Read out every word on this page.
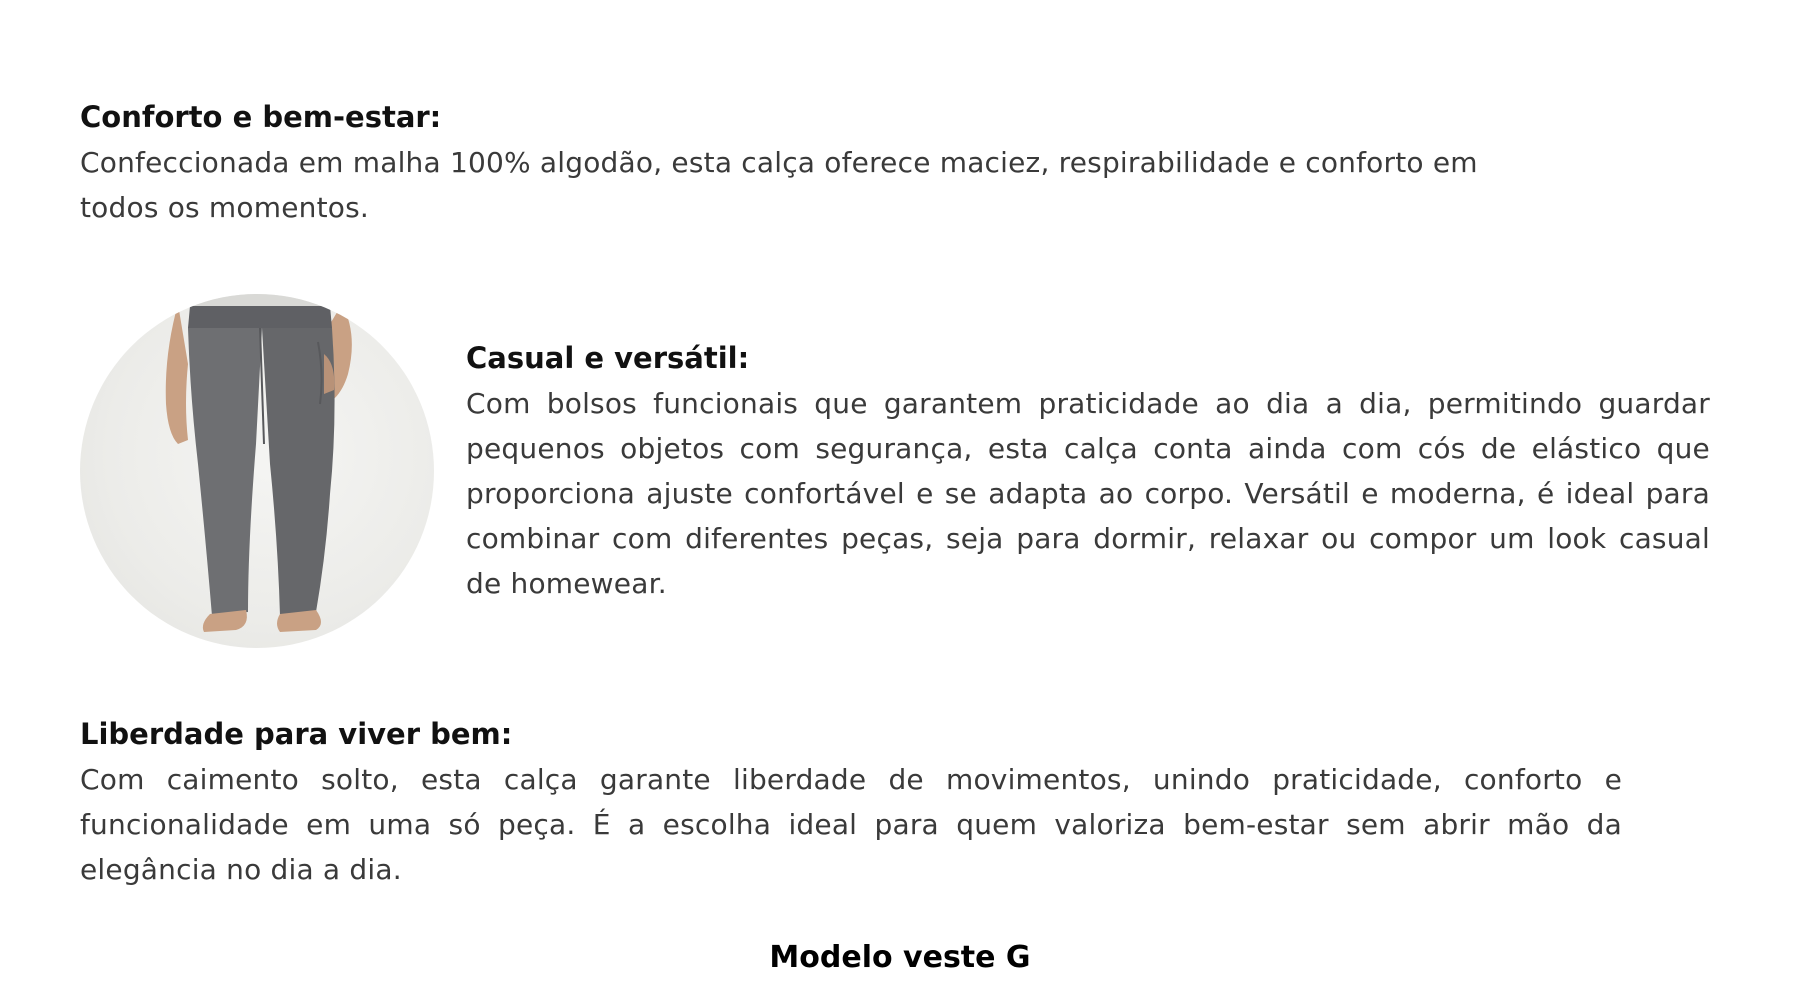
Conforto e bem-estar:

Confeccionada em malha 100% algodão, esta calça oferece maciez, respirabilidade e conforto em todos os momentos.

Casual e versátil:

Com bolsos funcionais que garantem praticidade ao dia a dia, permitindo guardar pequenos objetos com segurança, esta calça conta ainda com cós de elástico que proporciona ajuste confortável e se adapta ao corpo. Versátil e moderna, é ideal para combinar com diferentes peças, seja para dormir, relaxar ou compor um look casual de homewear.

Liberdade para viver bem:

Com caimento solto, esta calça garante liberdade de movimentos, unindo praticidade, conforto e funcionalidade em uma só peça. É a escolha ideal para quem valoriza bem-estar sem abrir mão da elegância no dia a dia.

Modelo veste G
